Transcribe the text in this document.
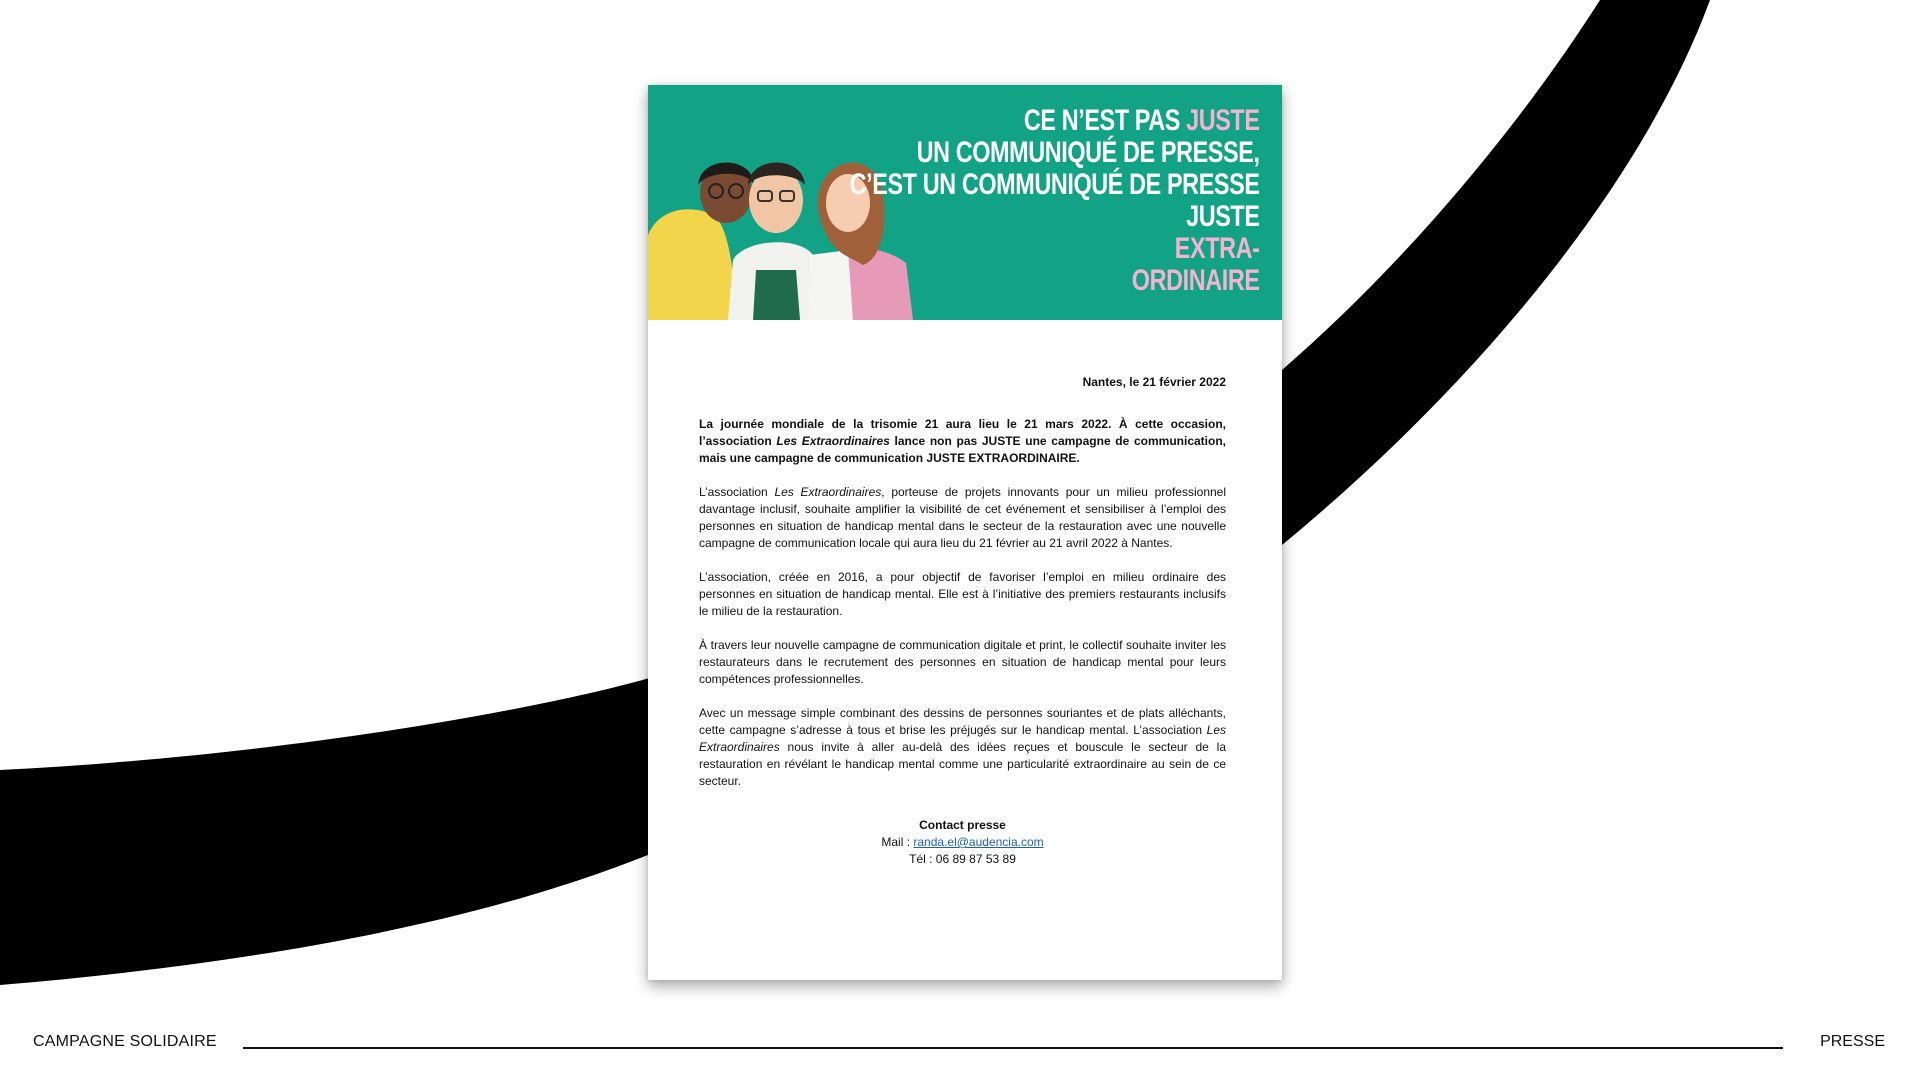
CE N’EST PAS JUSTE
UN COMMUNIQUÉ DE PRESSE,
C’EST UN COMMUNIQUÉ DE PRESSE
JUSTE
EXTRA-
ORDINAIRE

Nantes, le 21 février 2022

La journée mondiale de la trisomie 21 aura lieu le 21 mars 2022. À cette occasion, l’association Les Extraordinaires lance non pas JUSTE une campagne de communication, mais une campagne de communication JUSTE EXTRAORDINAIRE.

L’association Les Extraordinaires, porteuse de projets innovants pour un milieu professionnel davantage inclusif, souhaite amplifier la visibilité de cet événement et sensibiliser à l’emploi des personnes en situation de handicap mental dans le secteur de la restauration avec une nouvelle campagne de communication locale qui aura lieu du 21 février au 21 avril 2022 à Nantes.

L’association, créée en 2016, a pour objectif de favoriser l’emploi en milieu ordinaire des personnes en situation de handicap mental. Elle est à l’initiative des premiers restaurants inclusifs le milieu de la restauration.

À travers leur nouvelle campagne de communication digitale et print, le collectif souhaite inviter les restaurateurs dans le recrutement des personnes en situation de handicap mental pour leurs compétences professionnelles.

Avec un message simple combinant des dessins de personnes souriantes et de plats alléchants, cette campagne s’adresse à tous et brise les préjugés sur le handicap mental. L’association Les Extraordinaires nous invite à aller au-delà des idées reçues et bouscule le secteur de la restauration en révélant le handicap mental comme une particularité extraordinaire au sein de ce secteur.

Contact presse
Mail : randa.el@audencia.com
Tél : 06 89 87 53 89
CAMPAGNE SOLIDAIRE	PRESSE
